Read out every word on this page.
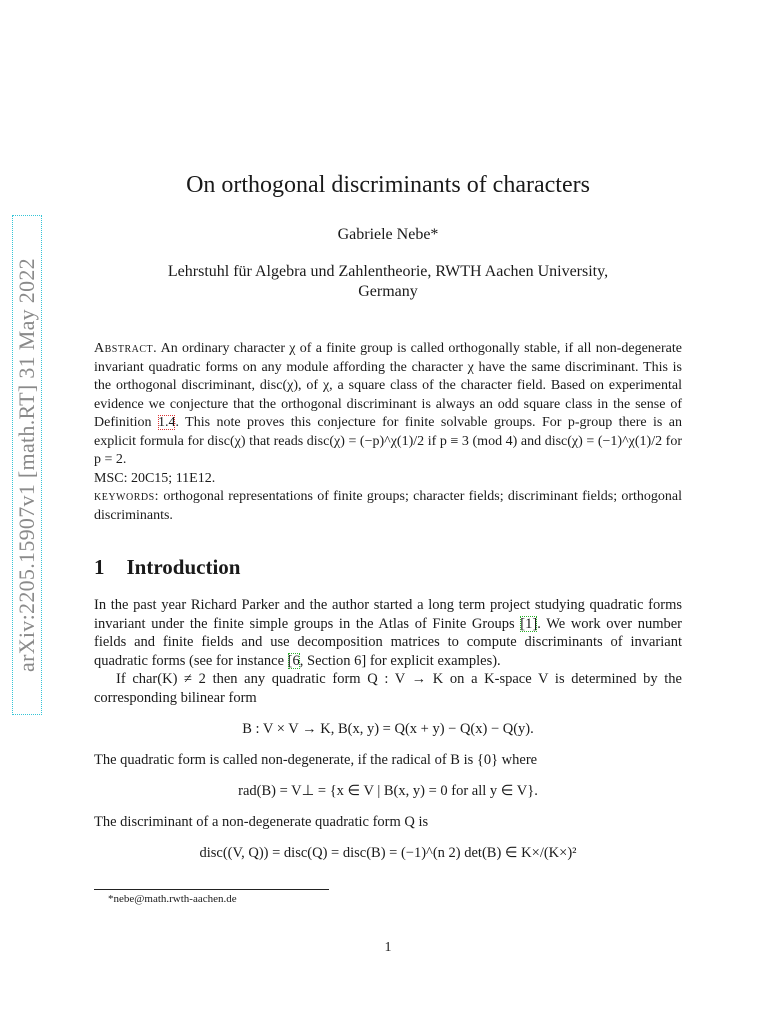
arXiv:2205.15907v1 [math.RT] 31 May 2022
On orthogonal discriminants of characters
Gabriele Nebe*
Lehrstuhl für Algebra und Zahlentheorie, RWTH Aachen University,
Germany

Abstract. An ordinary character χ of a finite group is called orthogonally stable, if all non-degenerate invariant quadratic forms on any module affording the character χ have the same discriminant. This is the orthogonal discriminant, disc(χ), of χ, a square class of the character field. Based on experimental evidence we conjecture that the orthogonal discriminant is always an odd square class in the sense of Definition 1.4. This note proves this conjecture for finite solvable groups. For p-group there is an explicit formula for disc(χ) that reads disc(χ) = (−p)^χ(1)/2 if p ≡ 3 (mod 4) and disc(χ) = (−1)^χ(1)/2 for p = 2.

MSC: 20C15; 11E12.

keywords: orthogonal representations of finite groups; character fields; discriminant fields; orthogonal discriminants.

1 Introduction

In the past year Richard Parker and the author started a long term project studying quadratic forms invariant under the finite simple groups in the Atlas of Finite Groups [1]. We work over number fields and finite fields and use decomposition matrices to compute discriminants of invariant quadratic forms (see for instance [6, Section 6] for explicit examples).

If char(K) ≠ 2 then any quadratic form Q : V → K on a K-space V is determined by the corresponding bilinear form

B : V × V → K, B(x, y) = Q(x + y) − Q(x) − Q(y).

The quadratic form is called non-degenerate, if the radical of B is {0} where

rad(B) = V⊥ = {x ∈ V | B(x, y) = 0 for all y ∈ V}.

The discriminant of a non-degenerate quadratic form Q is

disc((V, Q)) = disc(Q) = disc(B) = (−1)^(n 2) det(B) ∈ K×/(K×)²

*nebe@math.rwth-aachen.de
1
